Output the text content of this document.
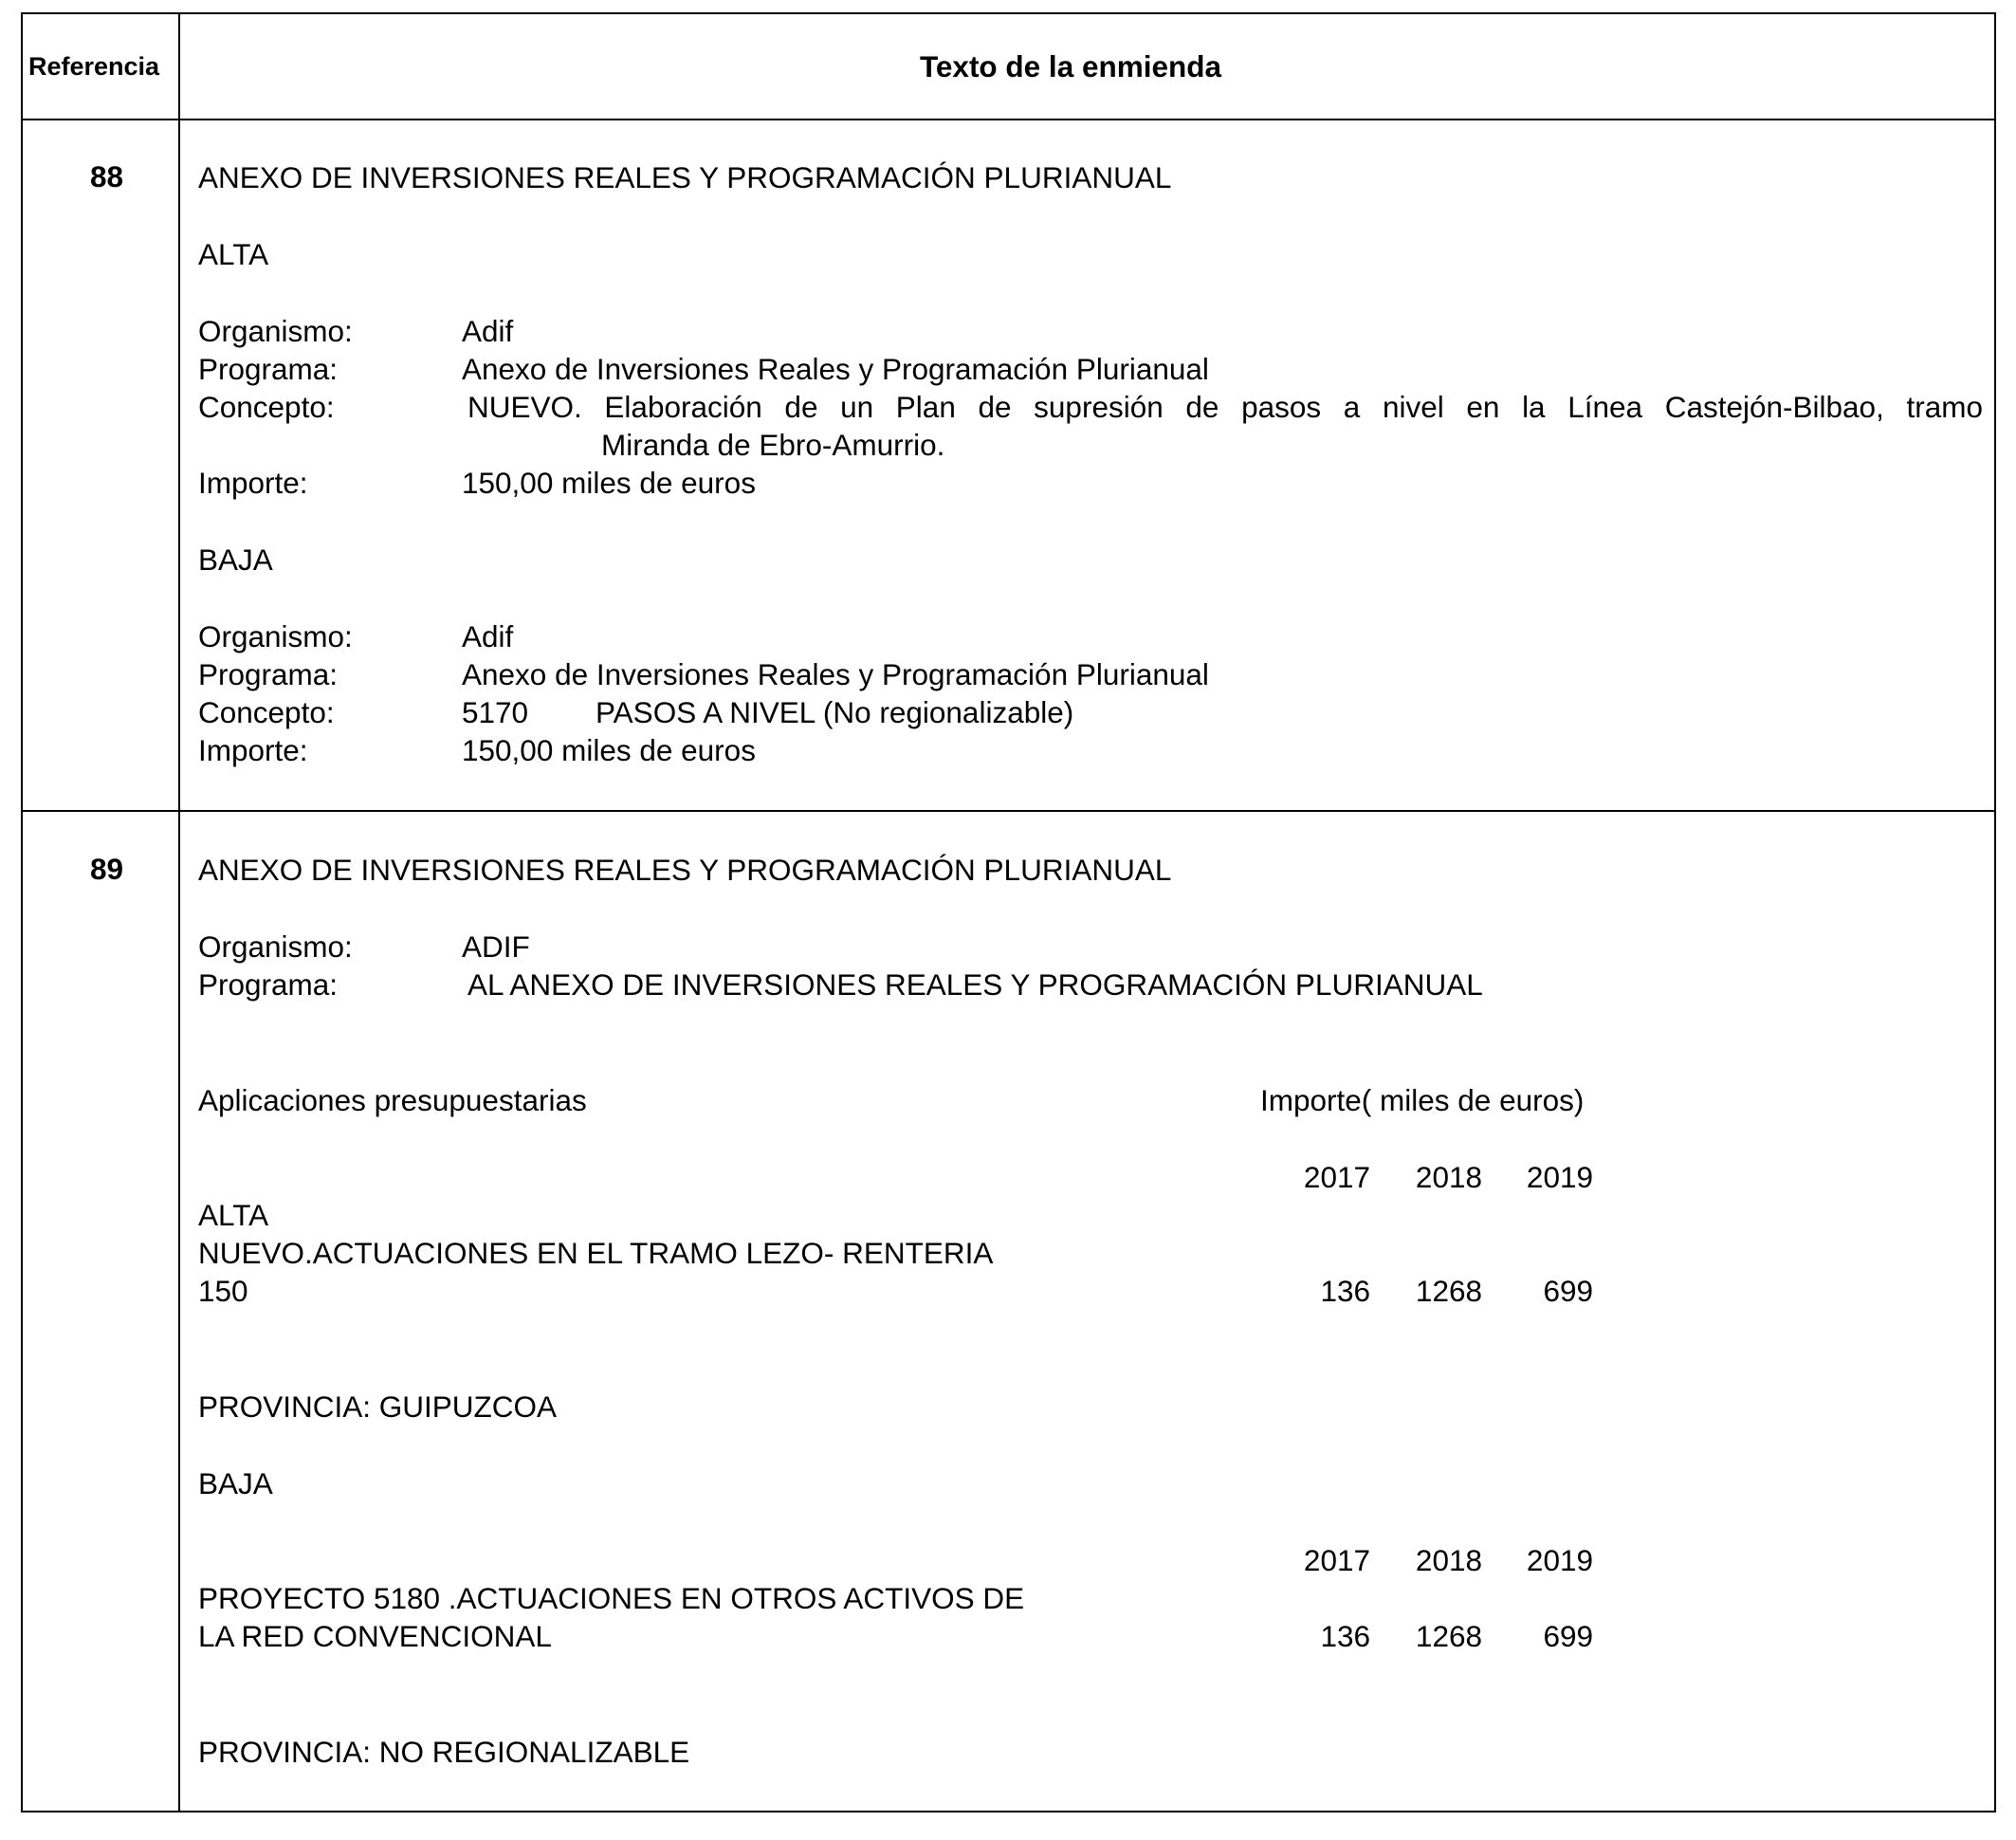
Referencia	Texto de la enmienda
88	ANEXO DE INVERSIONES REALES Y PROGRAMACIÓN PLURIANUAL
ALTA
Organismo:	Adif
Programa:	Anexo de Inversiones Reales y Programación Plurianual
Concepto:	NUEVO. Elaboración de un Plan de supresión de pasos a nivel en la Línea Castejón-Bilbao, tramo
Miranda de Ebro-Amurrio.
Importe:	150,00 miles de euros
BAJA
Organismo:	Adif
Programa:	Anexo de Inversiones Reales y Programación Plurianual
Concepto:	5170 PASOS A NIVEL (No regionalizable)
Importe:	150,00 miles de euros
89	ANEXO DE INVERSIONES REALES Y PROGRAMACIÓN PLURIANUAL
Organismo:	ADIF
Programa:	AL ANEXO DE INVERSIONES REALES Y PROGRAMACIÓN PLURIANUAL
Aplicaciones presupuestarias	Importe( miles de euros)
2017	2018	2019
ALTA
NUEVO.ACTUACIONES EN EL TRAMO LEZO- RENTERIA
150	136	1268	699
PROVINCIA: GUIPUZCOA
BAJA
2017	2018	2019
PROYECTO 5180 .ACTUACIONES EN OTROS ACTIVOS DE
LA RED CONVENCIONAL	136	1268	699
PROVINCIA: NO REGIONALIZABLE
